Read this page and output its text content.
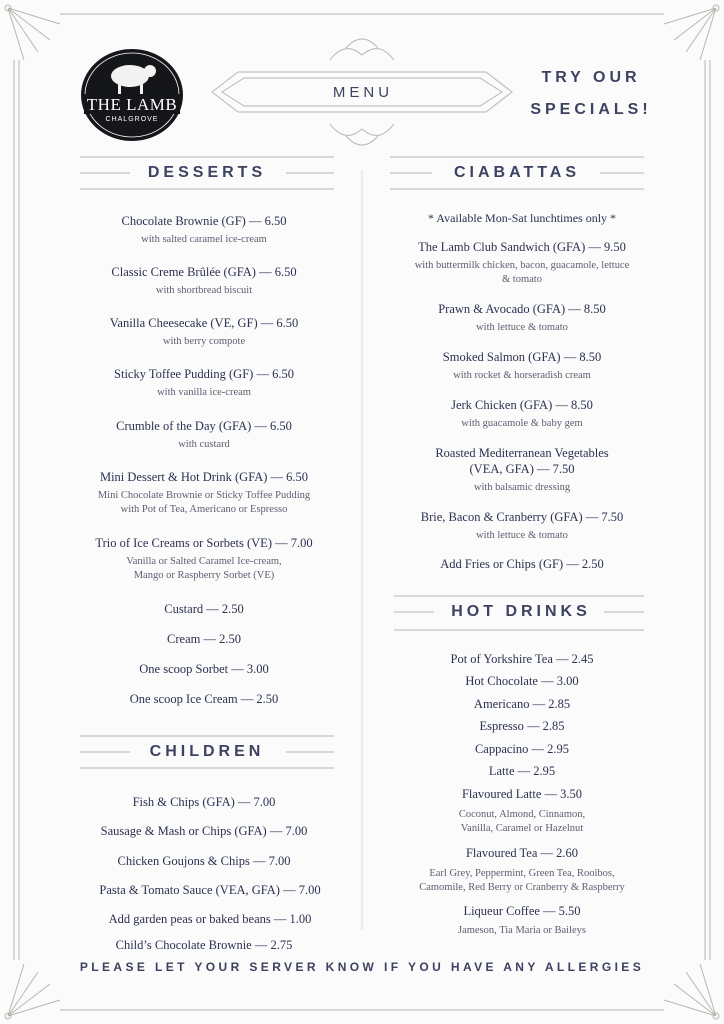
THE LAMB
CHALGROVE
MENU
TRY OUR
SPECIALS!
DESSERTS
Chocolate Brownie (GF) — 6.50
with salted caramel ice-cream
Classic Creme Brûlée (GFA) — 6.50
with shortbread biscuit
Vanilla Cheesecake (VE, GF) — 6.50
with berry compote
Sticky Toffee Pudding (GF) — 6.50
with vanilla ice-cream
Crumble of the Day (GFA) — 6.50
with custard
Mini Dessert & Hot Drink (GFA) — 6.50
Mini Chocolate Brownie or Sticky Toffee Pudding
with Pot of Tea, Americano or Espresso
Trio of Ice Creams or Sorbets (VE) — 7.00
Vanilla or Salted Caramel Ice-cream,
Mango or Raspberry Sorbet (VE)
Custard — 2.50
Cream — 2.50
One scoop Sorbet — 3.00
One scoop Ice Cream — 2.50
CHILDREN
Fish & Chips (GFA) — 7.00
Sausage & Mash or Chips (GFA) — 7.00
Chicken Goujons & Chips — 7.00
Pasta & Tomato Sauce (VEA, GFA) — 7.00
Add garden peas or baked beans — 1.00
Child’s Chocolate Brownie — 2.75
CIABATTAS
* Available Mon-Sat lunchtimes only *
The Lamb Club Sandwich (GFA) — 9.50
with buttermilk chicken, bacon, guacamole, lettuce
& tomato
Prawn & Avocado (GFA) — 8.50
with lettuce & tomato
Smoked Salmon (GFA) — 8.50
with rocket & horseradish cream
Jerk Chicken (GFA) — 8.50
with guacamole & baby gem
Roasted Mediterranean Vegetables
(VEA, GFA) — 7.50
with balsamic dressing
Brie, Bacon & Cranberry (GFA) — 7.50
with lettuce & tomato
Add Fries or Chips (GF) — 2.50
HOT DRINKS
Pot of Yorkshire Tea — 2.45
Hot Chocolate — 3.00
Americano — 2.85
Espresso — 2.85
Cappacino — 2.95
Latte — 2.95
Flavoured Latte — 3.50
Coconut, Almond, Cinnamon,
Vanilla, Caramel or Hazelnut
Flavoured Tea — 2.60
Earl Grey, Peppermint, Green Tea, Rooibos,
Camomile, Red Berry or Cranberry & Raspberry
Liqueur Coffee — 5.50
Jameson, Tia Maria or Baileys
PLEASE LET YOUR SERVER KNOW IF YOU HAVE ANY ALLERGIES
